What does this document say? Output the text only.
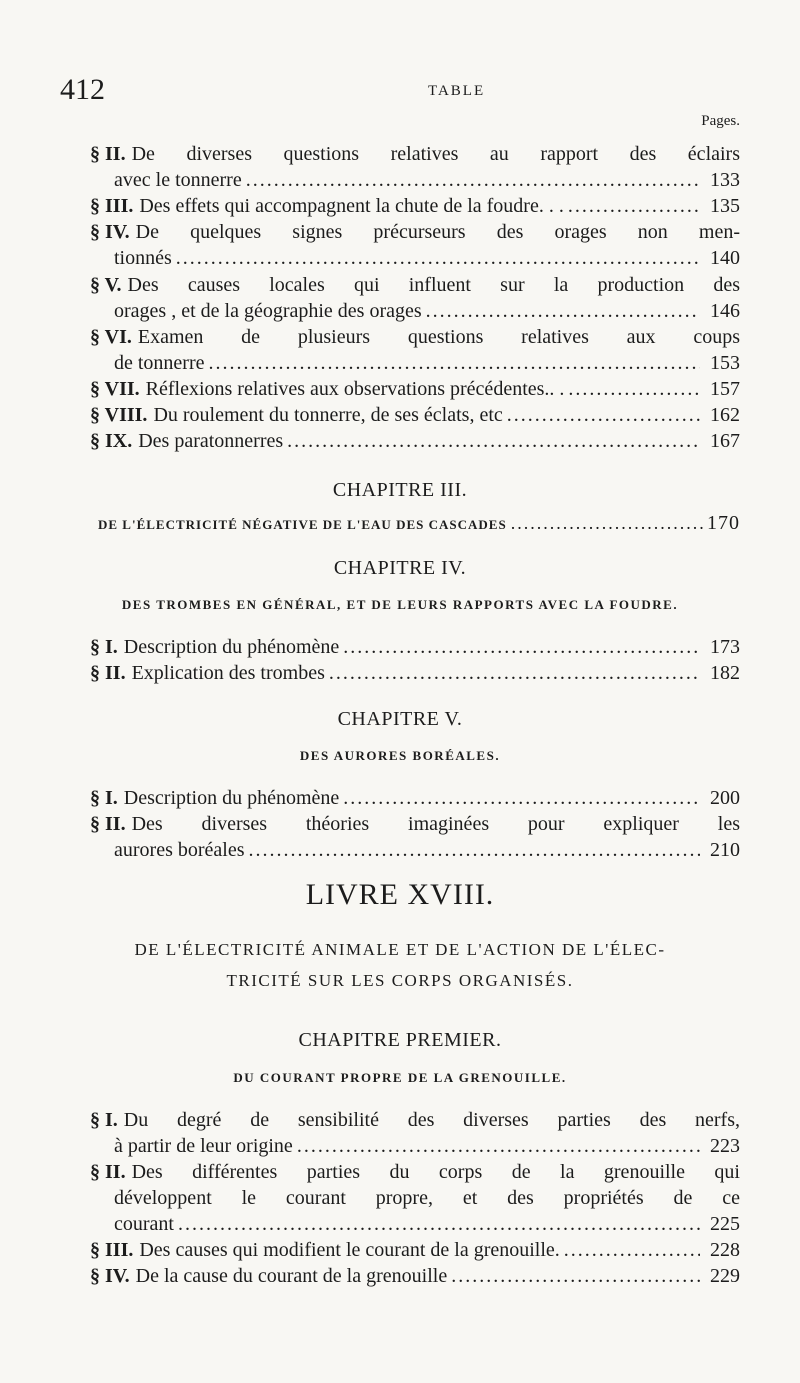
412	TABLE
Pages.
§ II. De diverses questions relatives au rapport des éclairs
avec le tonnerre .....	133
§ III. Des effets qui accompagnent la chute de la foudre. . . .....	135
§ IV. De quelques signes précurseurs des orages non men-
tionnés .....	140
§ V. Des causes locales qui influent sur la production des
orages , et de la géographie des orages .....	146
§ VI. Examen de plusieurs questions relatives aux coups
de tonnerre .....	153
§ VII. Réflexions relatives aux observations précédentes.. . .....	157
§ VIII. Du roulement du tonnerre, de ses éclats, etc .....	162
§ IX. Des paratonnerres .....	167
CHAPITRE III.
DE L'ÉLECTRICITÉ NÉGATIVE DE L'EAU DES CASCADES .....	170
CHAPITRE IV.
DES TROMBES EN GÉNÉRAL, ET DE LEURS RAPPORTS AVEC LA FOUDRE.
§ I. Description du phénomène .....	173
§ II. Explication des trombes .....	182
CHAPITRE V.
DES AURORES BORÉALES.
§ I. Description du phénomène .....	200
§ II. Des diverses théories imaginées pour expliquer les
aurores boréales .....	210
LIVRE XVIII.
DE L'ÉLECTRICITÉ ANIMALE ET DE L'ACTION DE L'ÉLEC-
TRICITÉ SUR LES CORPS ORGANISÉS.
CHAPITRE PREMIER.
DU COURANT PROPRE DE LA GRENOUILLE.
§ I. Du degré de sensibilité des diverses parties des nerfs,
à partir de leur origine .....	223
§ II. Des différentes parties du corps de la grenouille qui
développent le courant propre, et des propriétés de ce
courant .....	225
§ III. Des causes qui modifient le courant de la grenouille. .....	228
§ IV. De la cause du courant de la grenouille .....	229
